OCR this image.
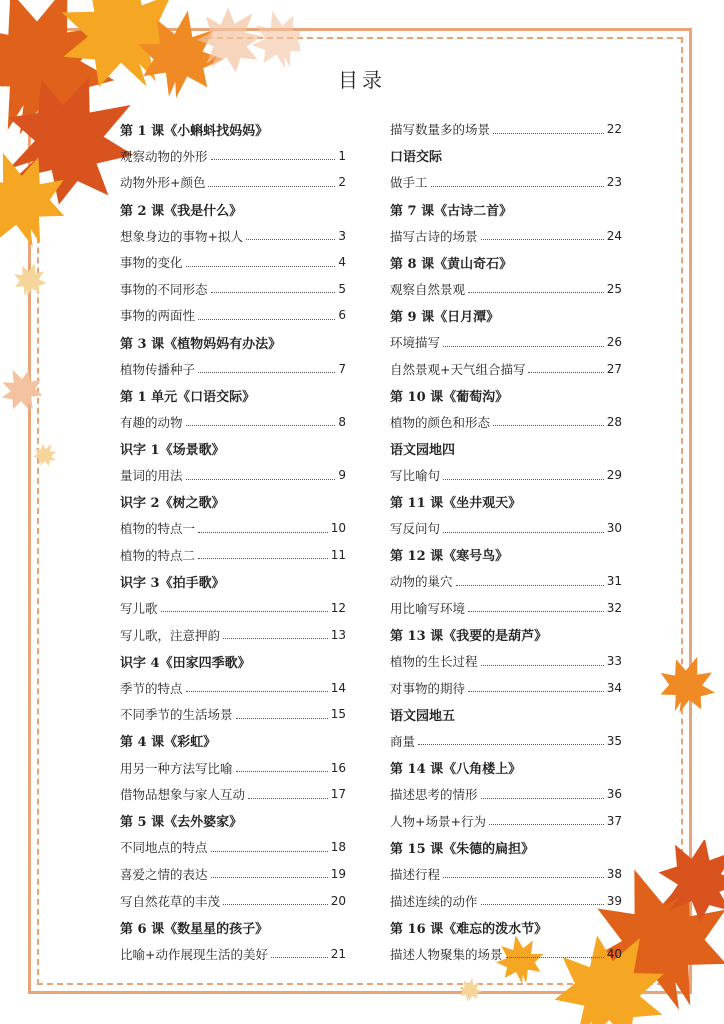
目录
第 1 课《小蝌蚪找妈妈》
观察动物的外形	1
动物外形+颜色	2
第 2 课《我是什么》
想象身边的事物+拟人	3
事物的变化	4
事物的不同形态	5
事物的两面性	6
第 3 课《植物妈妈有办法》
植物传播种子	7
第 1 单元《口语交际》
有趣的动物	8
识字 1《场景歌》
量词的用法	9
识字 2《树之歌》
植物的特点一	10
植物的特点二	11
识字 3《拍手歌》
写儿歌	12
写儿歌，注意押韵	13
识字 4《田家四季歌》
季节的特点	14
不同季节的生活场景	15
第 4 课《彩虹》
用另一种方法写比喻	16
借物品想象与家人互动	17
第 5 课《去外婆家》
不同地点的特点	18
喜爱之情的表达	19
写自然花草的丰茂	20
第 6 课《数星星的孩子》
比喻+动作展现生活的美好	21
描写数量多的场景	22
口语交际
做手工	23
第 7 课《古诗二首》
描写古诗的场景	24
第 8 课《黄山奇石》
观察自然景观	25
第 9 课《日月潭》
环境描写	26
自然景观+天气组合描写	27
第 10 课《葡萄沟》
植物的颜色和形态	28
语文园地四
写比喻句	29
第 11 课《坐井观天》
写反问句	30
第 12 课《寒号鸟》
动物的巢穴	31
用比喻写环境	32
第 13 课《我要的是葫芦》
植物的生长过程	33
对事物的期待	34
语文园地五
商量	35
第 14 课《八角楼上》
描述思考的情形	36
人物+场景+行为	37
第 15 课《朱德的扁担》
描述行程	38
描述连续的动作	39
第 16 课《难忘的泼水节》
描述人物聚集的场景	40
